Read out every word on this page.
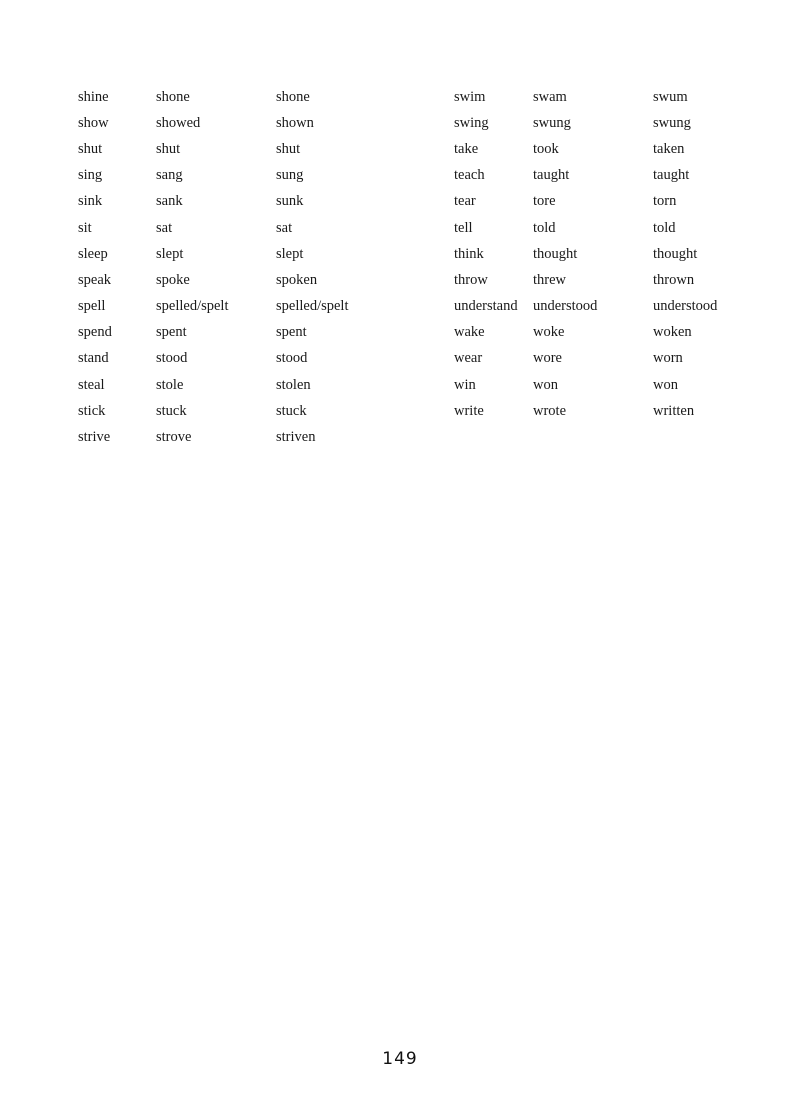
shine	shone	shone
show	showed	shown
shut	shut	shut
sing	sang	sung
sink	sank	sunk
sit	sat	sat
sleep	slept	slept
speak	spoke	spoken
spell	spelled/spelt	spelled/spelt
spend	spent	spent
stand	stood	stood
steal	stole	stolen
stick	stuck	stuck
strive	strove	striven
swim	swam	swum
swing	swung	swung
take	took	taken
teach	taught	taught
tear	tore	torn
tell	told	told
think	thought	thought
throw	threw	thrown
understand	understood	understood
wake	woke	woken
wear	wore	worn
win	won	won
write	wrote	written
149
